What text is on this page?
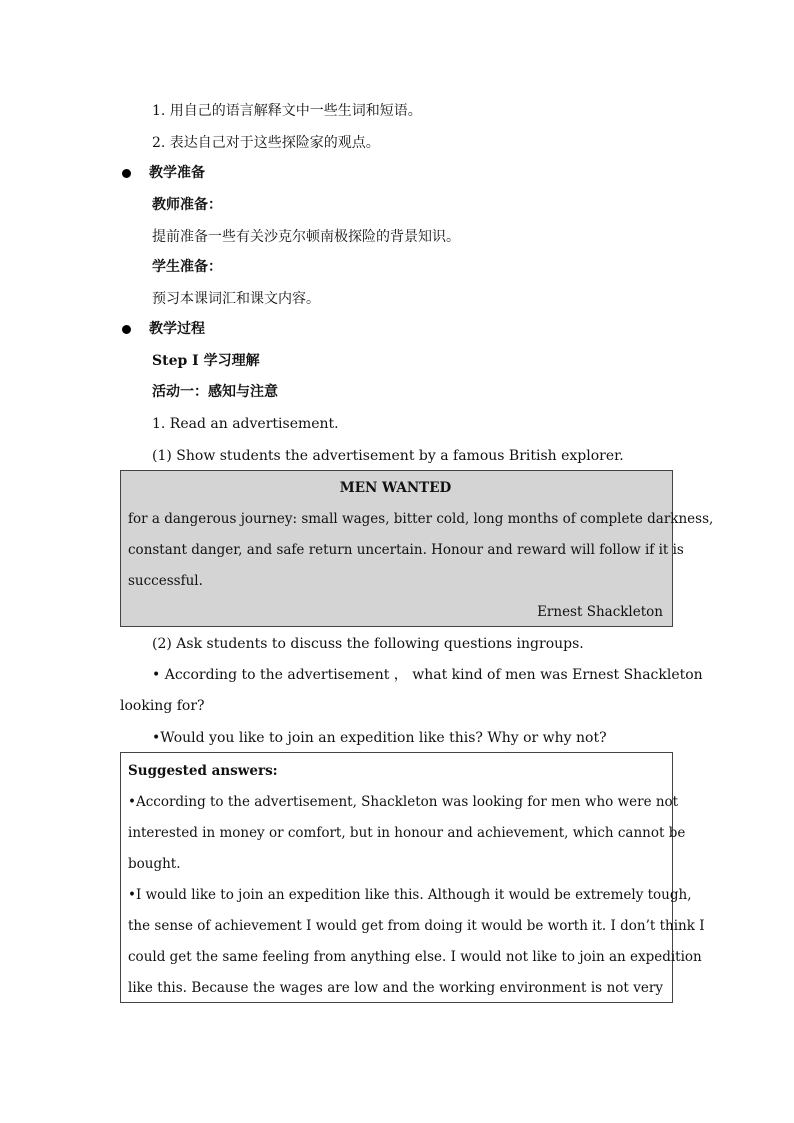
1. 用自己的语言解释文中一些生词和短语。
2. 表达自己对于这些探险家的观点。
教学准备
教师准备：
提前准备一些有关沙克尔顿南极探险的背景知识。
学生准备：
预习本课词汇和课文内容。
教学过程
Step I 学习理解
活动一：感知与注意
1. Read an advertisement.
(1) Show students the advertisement by a famous British explorer.
MEN WANTED
for a dangerous journey: small wages, bitter cold, long months of complete darkness,
constant danger, and safe return uncertain. Honour and reward will follow if it is
successful.
Ernest Shackleton
(2) Ask students to discuss the following questions ingroups.
• According to the advertisement ， what kind of men was Ernest Shackleton
looking for?
•Would you like to join an expedition like this? Why or why not?
Suggested answers:
•According to the advertisement, Shackleton was looking for men who were not
interested in money or comfort, but in honour and achievement, which cannot be
bought.
•I would like to join an expedition like this. Although it would be extremely tough,
the sense of achievement I would get from doing it would be worth it. I don’t think I
could get the same feeling from anything else. I would not like to join an expedition
like this. Because the wages are low and the working environment is not very
